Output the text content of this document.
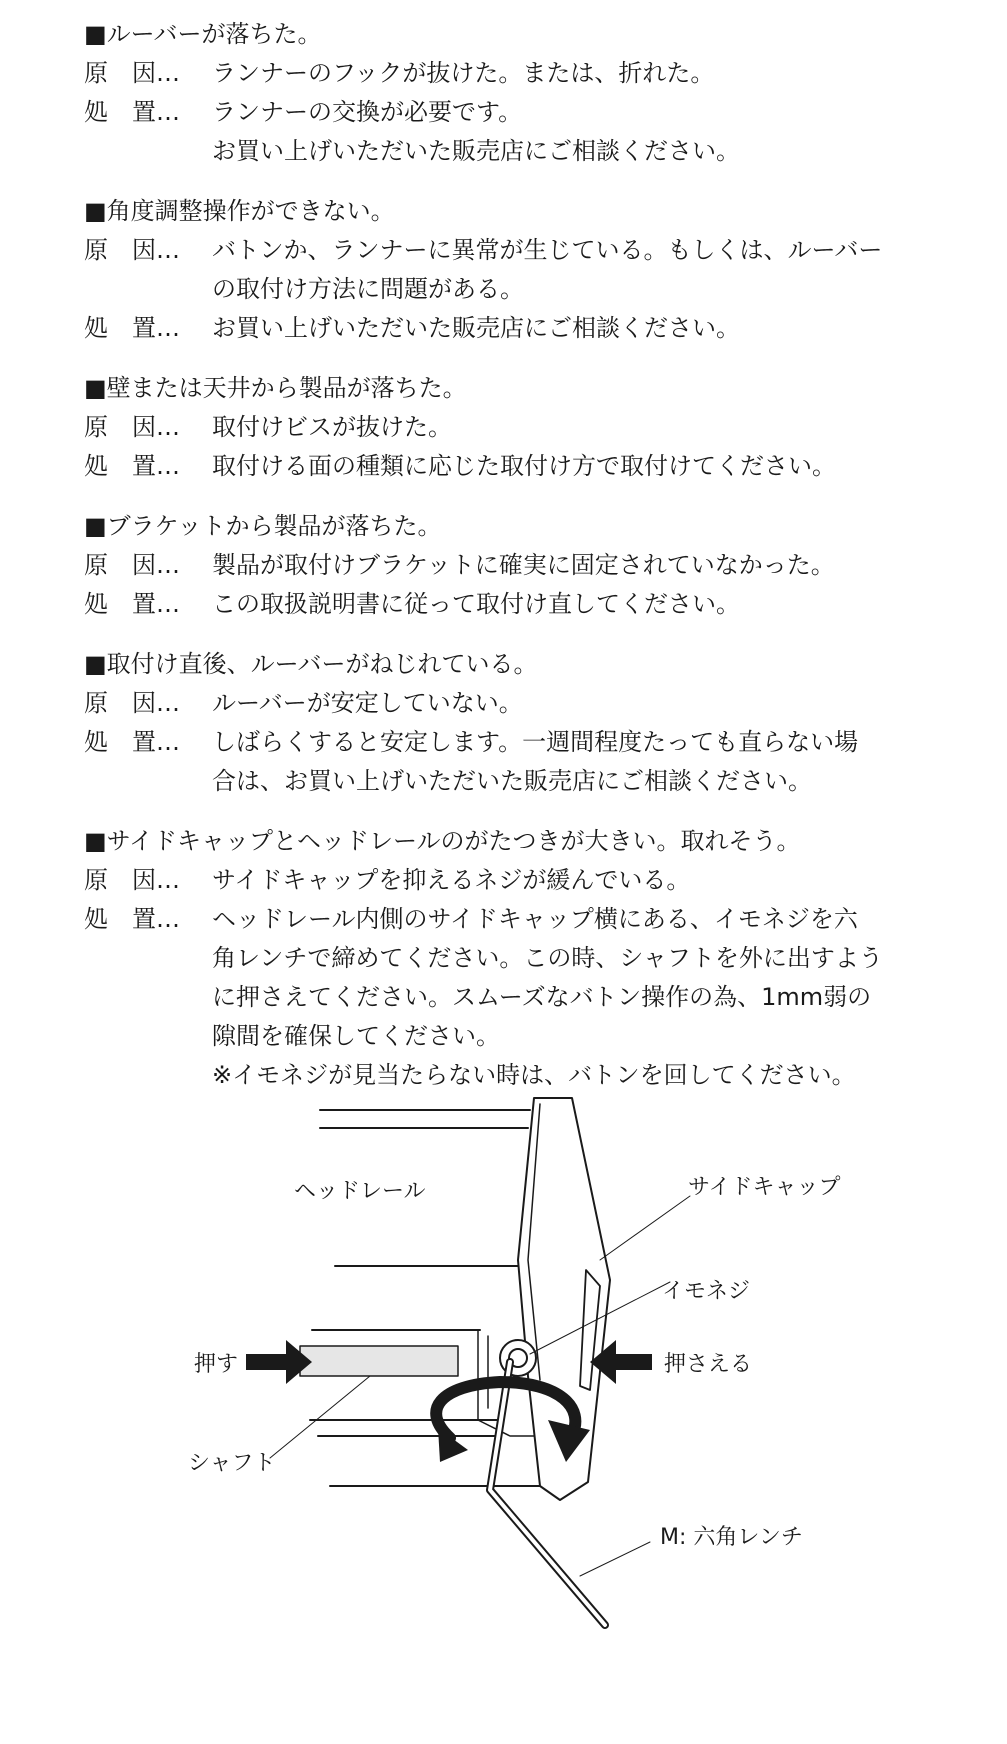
■ルーバーが落ちた。
原　因…	ランナーのフックが抜けた。または、折れた。
処　置…	ランナーの交換が必要です。
お買い上げいただいた販売店にご相談ください。
■角度調整操作ができない。
原　因…	バトンか、ランナーに異常が生じている。もしくは、ルーバー
の取付け方法に問題がある。
処　置…	お買い上げいただいた販売店にご相談ください。
■壁または天井から製品が落ちた。
原　因…	取付けビスが抜けた。
処　置…	取付ける面の種類に応じた取付け方で取付けてください。
■ブラケットから製品が落ちた。
原　因…	製品が取付けブラケットに確実に固定されていなかった。
処　置…	この取扱説明書に従って取付け直してください。
■取付け直後、ルーバーがねじれている。
原　因…	ルーバーが安定していない。
処　置…	しばらくすると安定します。一週間程度たっても直らない場
合は、お買い上げいただいた販売店にご相談ください。
■サイドキャップとヘッドレールのがたつきが大きい。取れそう。
原　因…	サイドキャップを抑えるネジが緩んでいる。
処　置…	ヘッドレール内側のサイドキャップ横にある、イモネジを六
角レンチで締めてください。この時、シャフトを外に出すよう
に押さえてください。スムーズなバトン操作の為、1mm弱の
隙間を確保してください。
※イモネジが見当たらない時は、バトンを回してください。
ヘッドレール	サイドキャップ
イモネジ
押す	押さえる
シャフト
M: 六角レンチ
